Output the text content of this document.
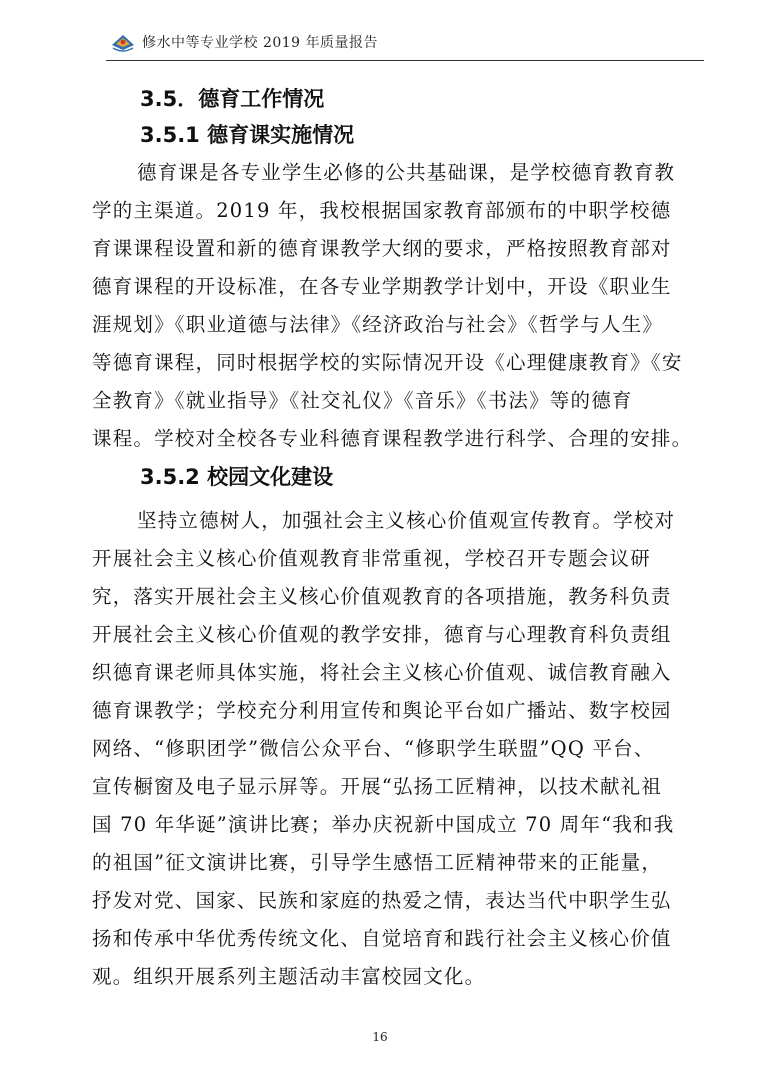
修水中等专业学校 2019 年质量报告
3.5．德育工作情况
3.5.1 德育课实施情况
德育课是各专业学生必修的公共基础课，是学校德育教育教
学的主渠道。2019 年，我校根据国家教育部颁布的中职学校德
育课课程设置和新的德育课教学大纲的要求，严格按照教育部对
德育课程的开设标准，在各专业学期教学计划中，开设《职业生
涯规划》《职业道德与法律》《经济政治与社会》《哲学与人生》
等德育课程，同时根据学校的实际情况开设《心理健康教育》《安
全教育》《就业指导》《社交礼仪》《音乐》《书法》等的德育
课程。学校对全校各专业科德育课程教学进行科学、合理的安排。
3.5.2 校园文化建设
坚持立德树人，加强社会主义核心价值观宣传教育。学校对
开展社会主义核心价值观教育非常重视，学校召开专题会议研
究，落实开展社会主义核心价值观教育的各项措施，教务科负责
开展社会主义核心价值观的教学安排，德育与心理教育科负责组
织德育课老师具体实施，将社会主义核心价值观、诚信教育融入
德育课教学；学校充分利用宣传和舆论平台如广播站、数字校园
网络、“修职团学”微信公众平台、“修职学生联盟”QQ 平台、
宣传橱窗及电子显示屏等。开展“弘扬工匠精神，以技术献礼祖
国 70 年华诞”演讲比赛；举办庆祝新中国成立 70 周年“我和我
的祖国”征文演讲比赛，引导学生感悟工匠精神带来的正能量，
抒发对党、国家、民族和家庭的热爱之情，表达当代中职学生弘
扬和传承中华优秀传统文化、自觉培育和践行社会主义核心价值
观。组织开展系列主题活动丰富校园文化。
16
